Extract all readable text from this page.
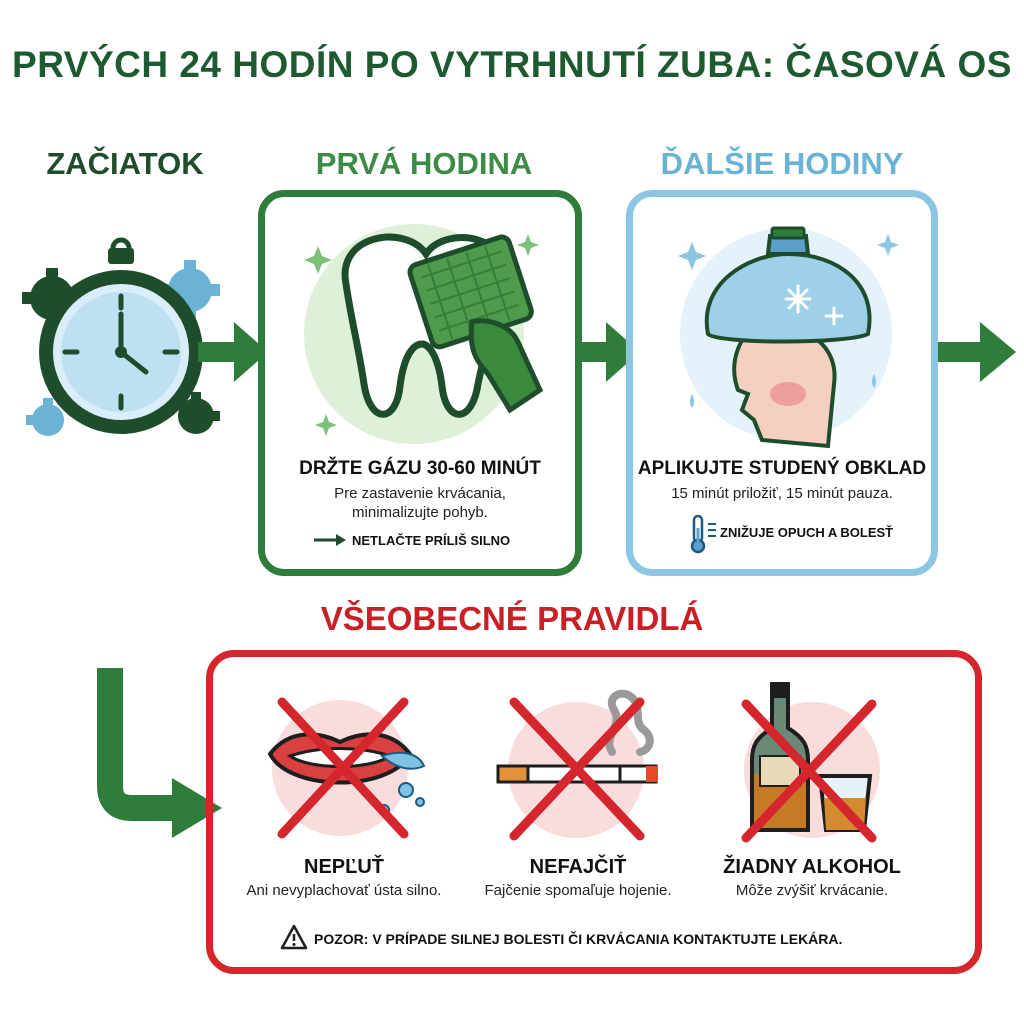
PRVÝCH 24 HODÍN PO VYTRHNUTÍ ZUBA: ČASOVÁ OS
ZAČIATOK	PRVÁ HODINA	ĎALŠIE HODINY
DRŽTE GÁZU 30-60 MINÚT
Pre zastavenie krvácania,
minimalizujte pohyb.
NETLAČTE PRÍLIŠ SILNO
APLIKUJTE STUDENÝ OBKLAD
15 minút priložiť, 15 minút pauza.
ZNIŽUJE OPUCH A BOLESŤ
VŠEOBECNÉ PRAVIDLÁ
NEPĽUŤ
Ani nevyplachovať ústa silno.
NEFAJČIŤ
Fajčenie spomaľuje hojenie.
ŽIADNY ALKOHOL
Môže zvýšiť krvácanie.
POZOR: V PRÍPADE SILNEJ BOLESTI ČI KRVÁCANIA KONTAKTUJTE LEKÁRA.
